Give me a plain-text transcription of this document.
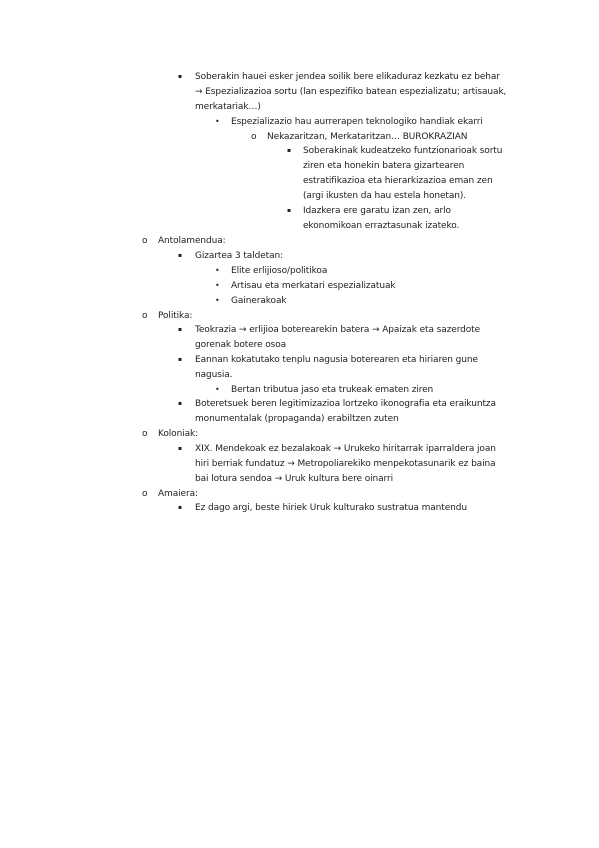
▪ Soberakin hauei esker jendea soilik bere elikaduraz kezkatu ez behar
→ Espezializazioa sortu (lan espezifiko batean espezializatu; artisauak,
merkatariak…)
• Espezializazio hau aurrerapen teknologiko handiak ekarri
o Nekazaritzan, Merkataritzan… BUROKRAZIAN
▪ Soberakinak kudeatzeko funtzionarioak sortu
ziren eta honekin batera gizartearen
estratifikazioa eta hierarkizazioa eman zen
(argi ikusten da hau estela honetan).
▪ Idazkera ere garatu izan zen, arlo
ekonomikoan erraztasunak izateko.
o Antolamendua:
▪ Gizartea 3 taldetan:
• Elite erlijioso/politikoa
• Artisau eta merkatari espezializatuak
• Gainerakoak
o Politika:
▪ Teokrazia → erlijioa boterearekin batera → Apaizak eta sazerdote
gorenak botere osoa
▪ Eannan kokatutako tenplu nagusia boterearen eta hiriaren gune
nagusia.
• Bertan tributua jaso eta trukeak ematen ziren
▪ Boteretsuek beren legitimizazioa lortzeko ikonografia eta eraikuntza
monumentalak (propaganda) erabiltzen zuten
o Koloniak:
▪ XIX. Mendekoak ez bezalakoak → Urukeko hiritarrak iparraldera joan
hiri berriak fundatuz → Metropoliarekiko menpekotasunarik ez baina
bai lotura sendoa → Uruk kultura bere oinarri
o Amaiera:
▪ Ez dago argi, beste hiriek Uruk kulturako sustratua mantendu
